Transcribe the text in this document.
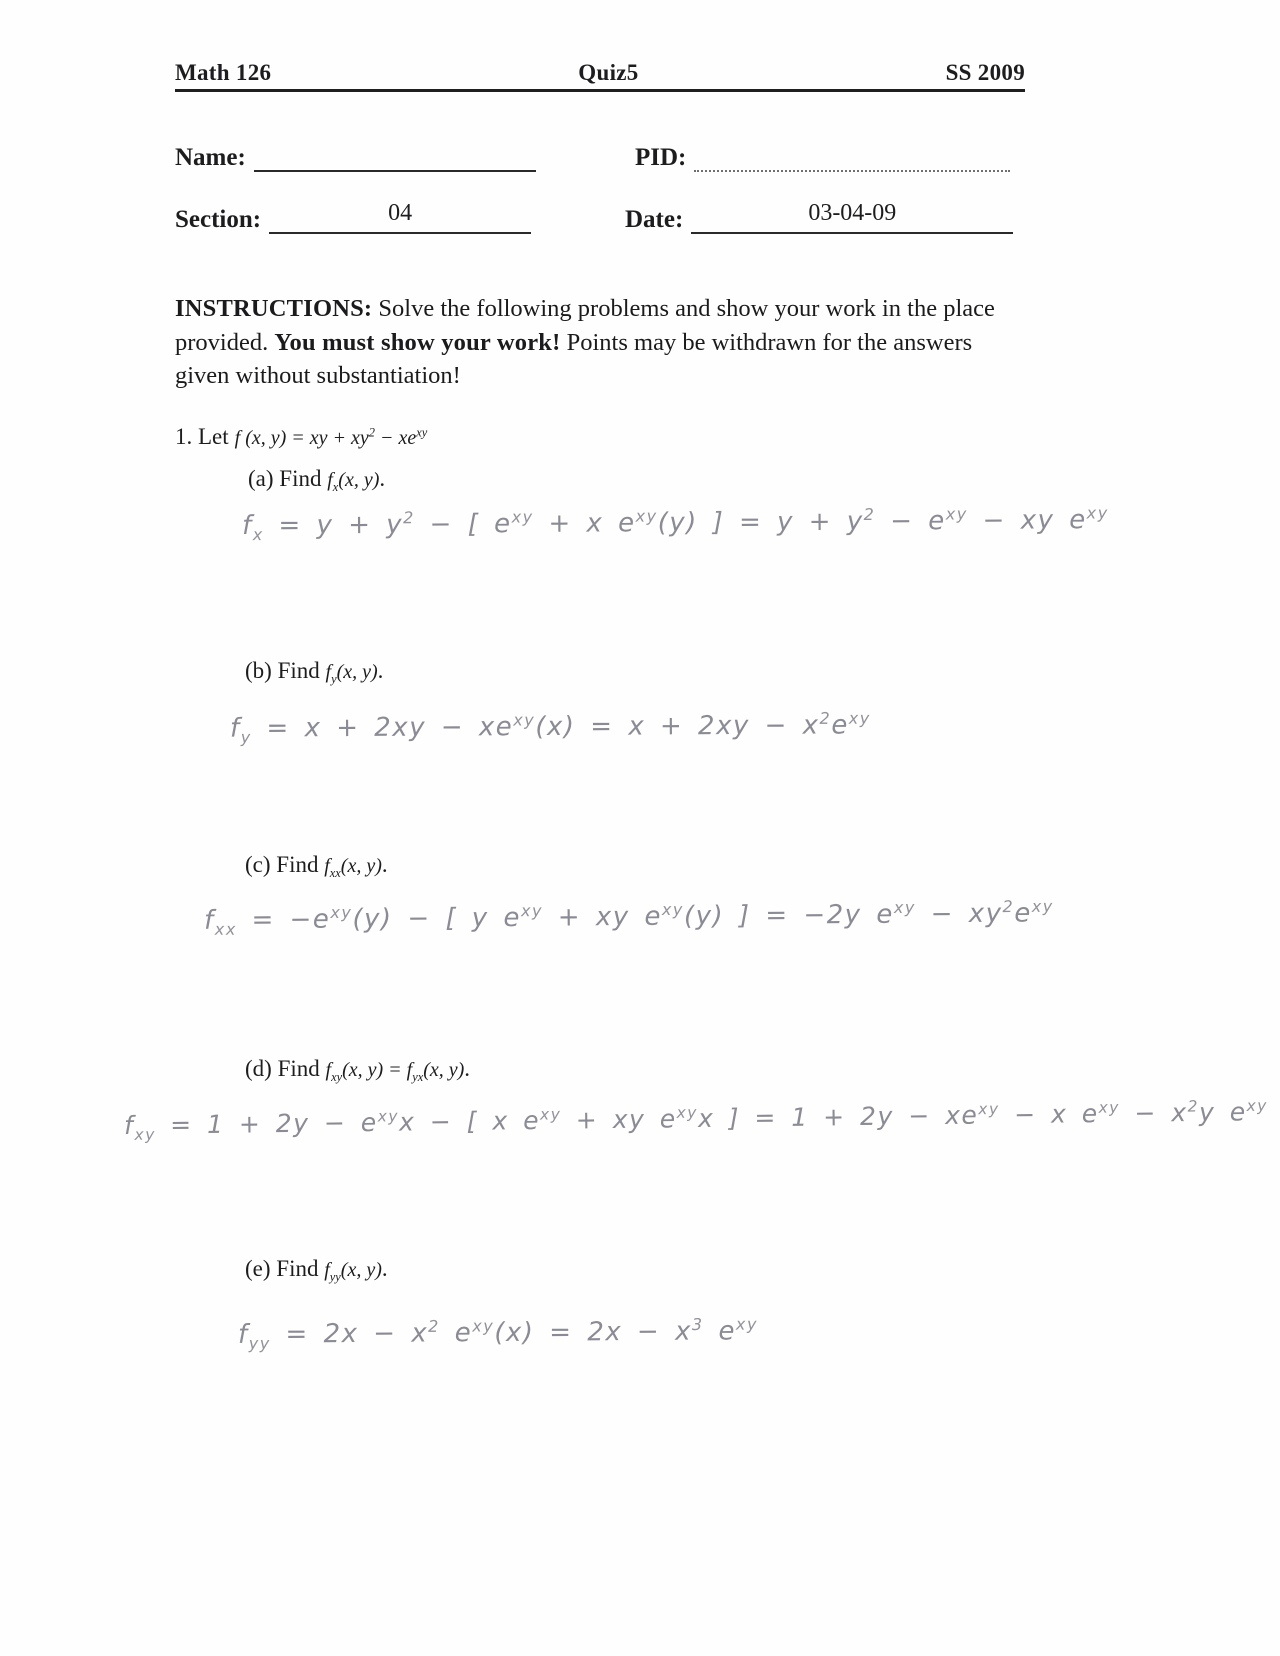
Math 126	Quiz5	SS 2009
Name:	PID:
Section:	04	Date:	03-04-09
INSTRUCTIONS: Solve the following problems and show your work in the place provided. You must show your work! Points may be withdrawn for the answers given without substantiation!
1. Let f (x, y) = xy + $xy^2 - xe^{xy}$
(a) Find $f_x(x$, y).
$f_x = y + y^2$ − [ $e^{xy} + x$ $e^{xy}(y)$ ] = $y + y^2 - e^{xy}$ − xy $e^{xy}$
(b) Find $f_y(x$, y).
$f_y = x + 2xy - xe^{xy}(x) = x + 2xy - x^2e^{xy}$
(c) Find $f_{xx}(x$, y).
$f_{xx} = -e^{xy}(y)$ − [ y $e^{xy}$ + xy $e^{xy}(y)$ ] = −2y $e^{xy} - xy^2e^{xy}$
(d) Find $f_{xy}(x$, $y) = f_{yx}(x$, y).
$f_{xy} = 1 + 2y - e^{xy}x$ − [ x $e^{xy}$ + xy $e^{xy}x$ ] = $1 + 2y - xe^{xy} - x$ $e^{xy} - x^2y$ $e^{xy}$
(e) Find $f_{yy}(x$, y).
$f_{yy} = 2x - x^2$ $e^{xy}(x) = 2x - x^3$ $e^{xy}$
